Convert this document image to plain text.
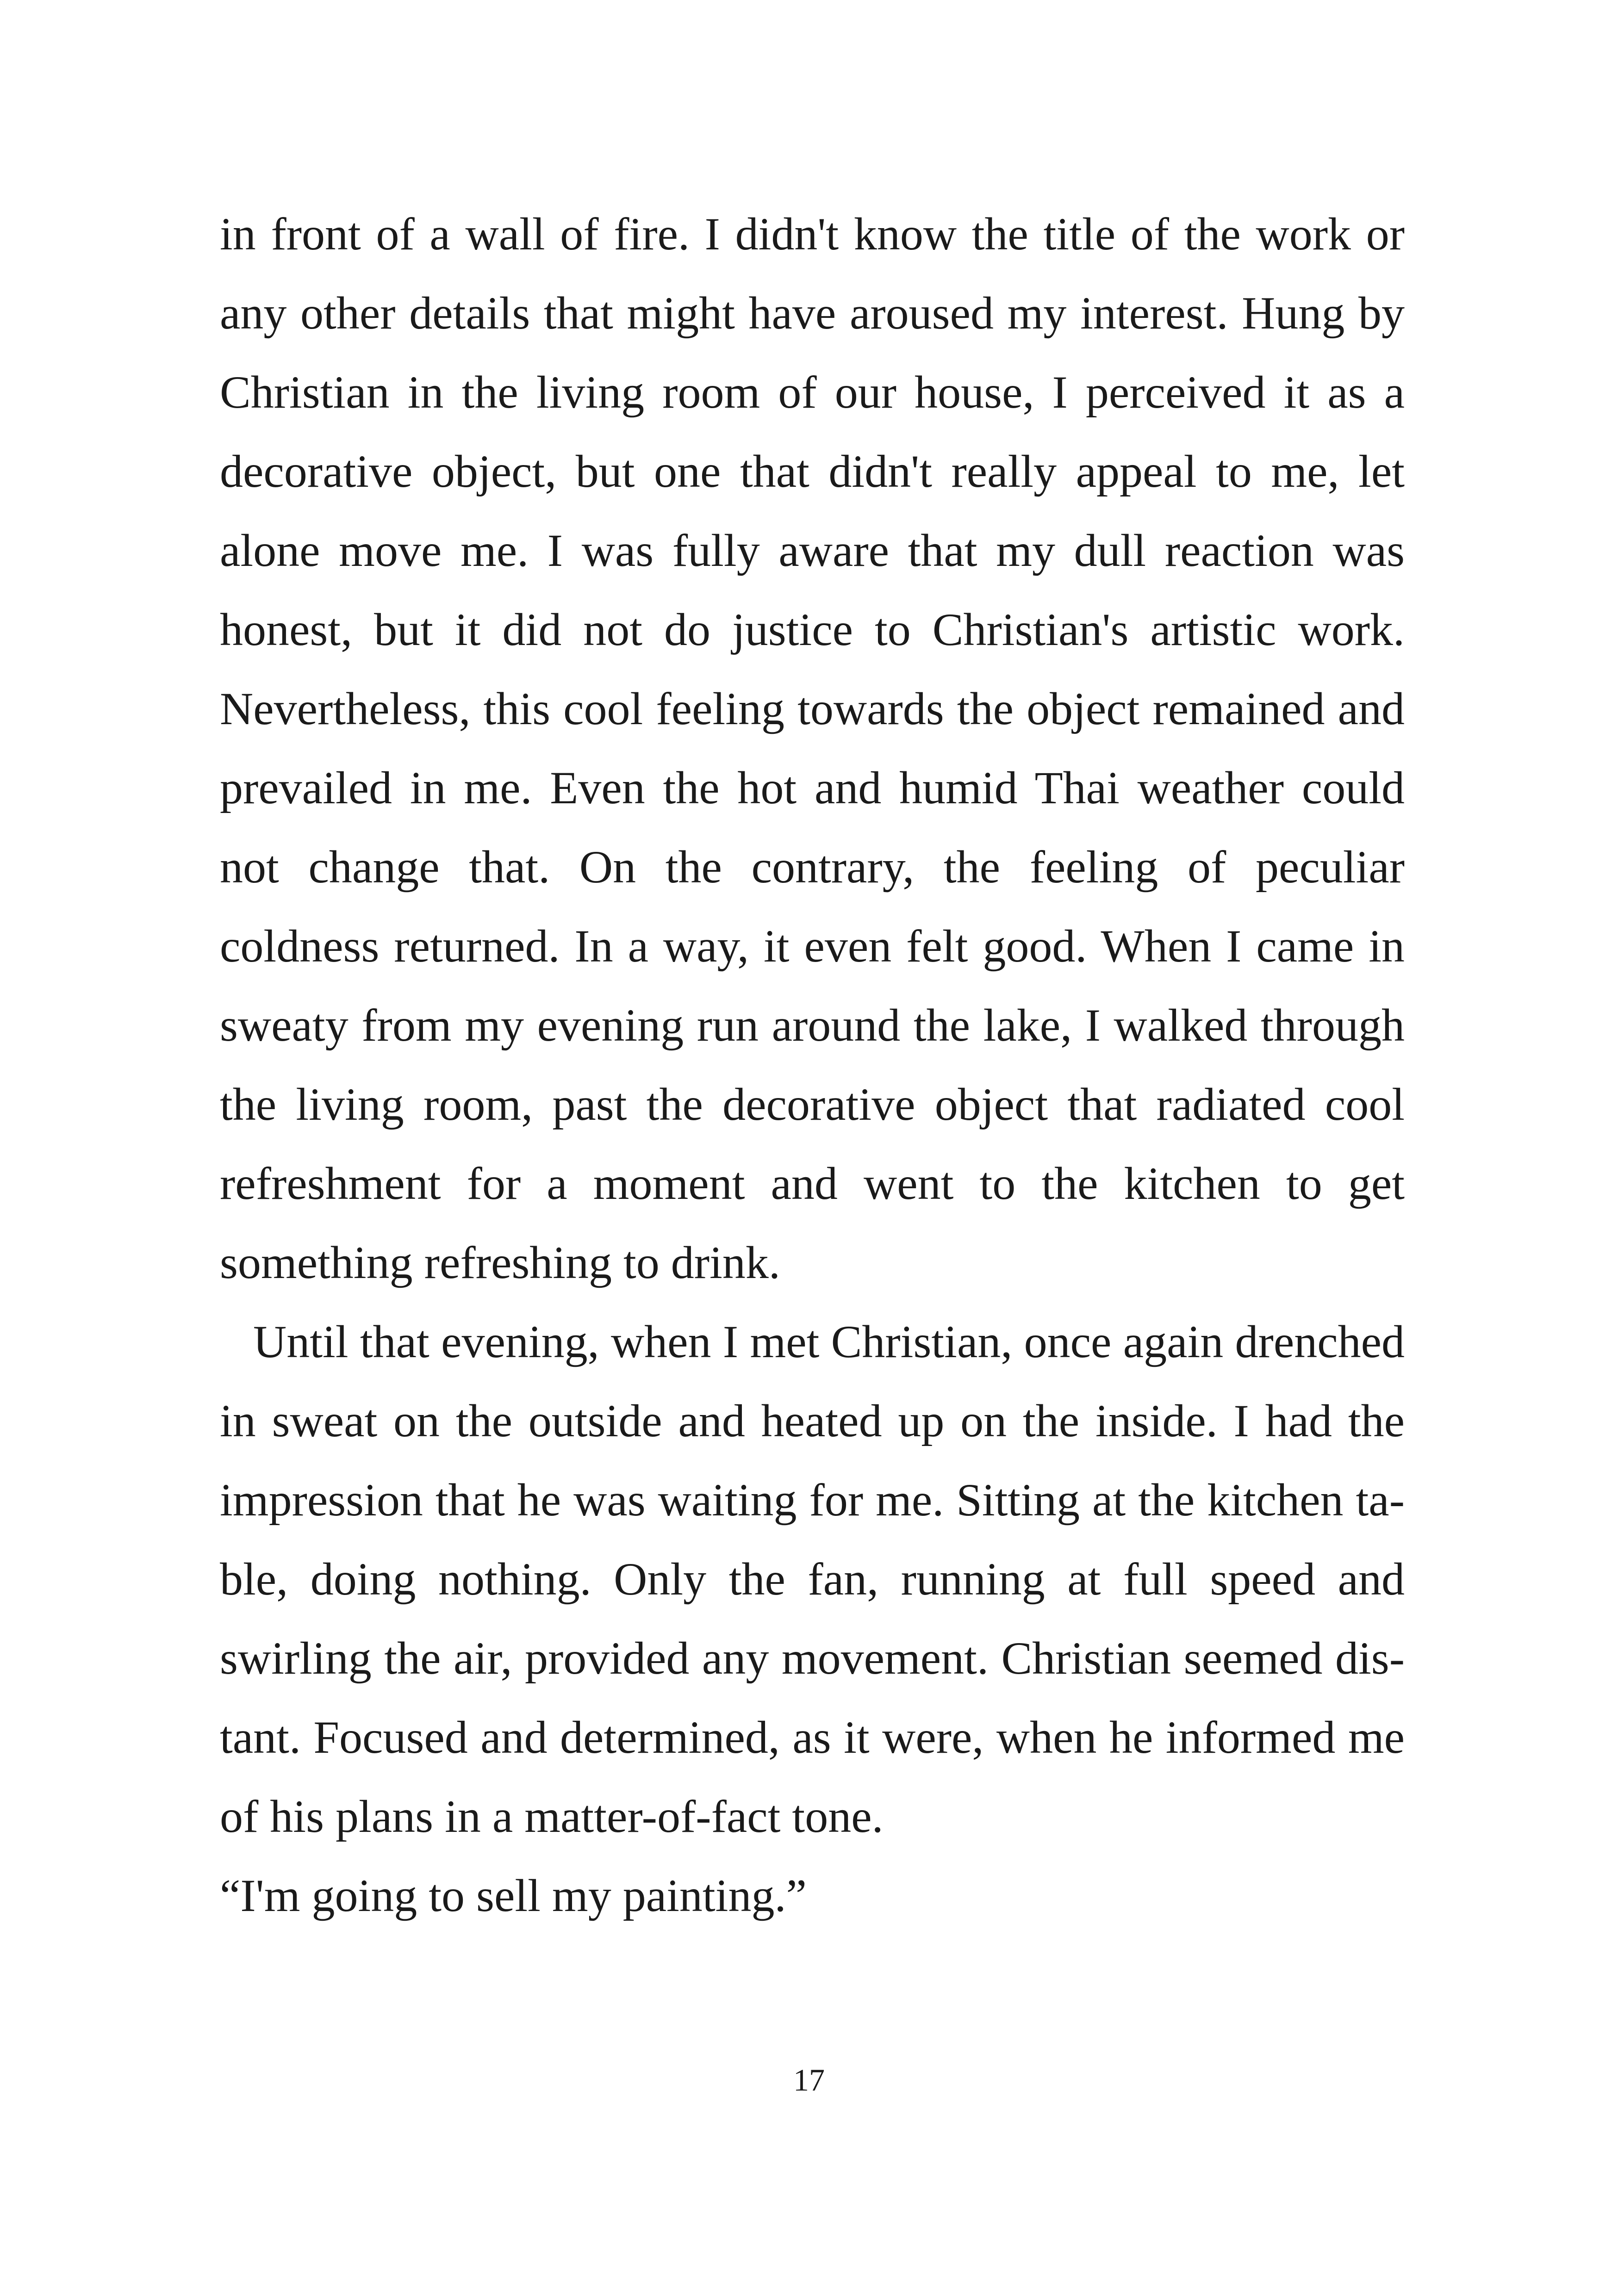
in front of a wall of fire. I didn't know the title of the work or any other details that might have aroused my interest. Hung by Christian in the living room of our house, I perceived it as a decorative object, but one that didn't really appeal to me, let alone move me. I was fully aware that my dull reaction was honest, but it did not do justice to Christian's artistic work. Nevertheless, this cool feeling towards the object remained and prevailed in me. Even the hot and humid Thai weather could not change that. On the contrary, the feeling of peculiar coldness returned. In a way, it even felt good. When I came in sweaty from my evening run around the lake, I walked through the living room, past the decorative object that radiated cool refreshment for a moment and went to the kitchen to get something refreshing to drink.

Until that evening, when I met Christian, once again drenched in sweat on the outside and heated up on the inside. I had the impression that he was waiting for me. Sitting at the kitchen table, doing nothing. Only the fan, running at full speed and swirling the air, provided any movement. Christian seemed distant. Focused and determined, as it were, when he informed me of his plans in a matter-of-fact tone.

“I'm going to sell my painting.”

17
